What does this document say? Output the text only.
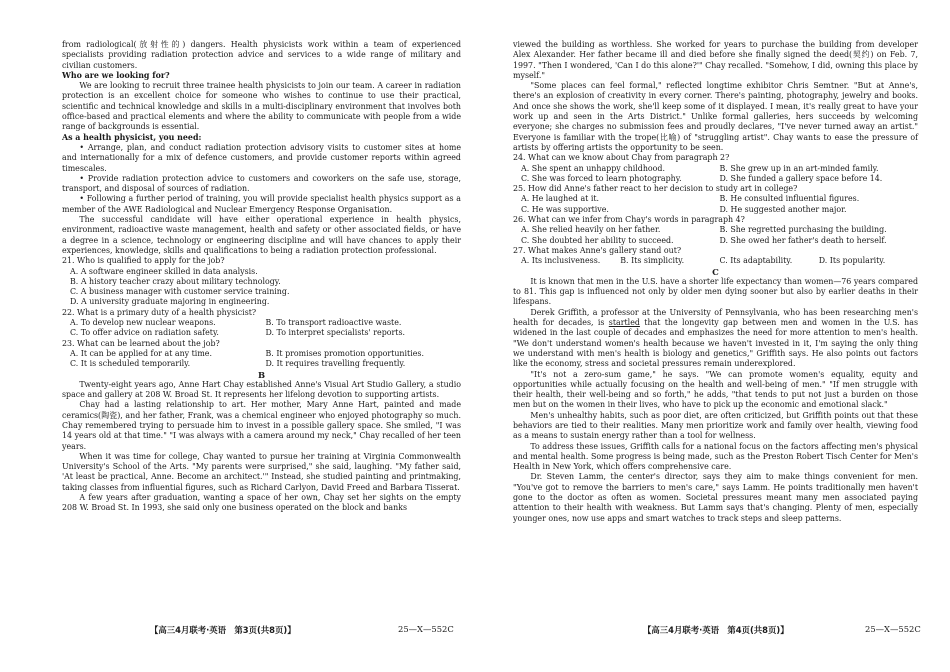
from radiological(放射性的) dangers. Health physicists work within a team of experienced specialists providing radiation protection advice and services to a wide range of military and civilian customers.

Who are we looking for?

We are looking to recruit three trainee health physicists to join our team. A career in radiation protection is an excellent choice for someone who wishes to continue to use their practical, scientific and technical knowledge and skills in a multi-disciplinary environment that involves both office-based and practical elements and where the ability to communicate with people from a wide range of backgrounds is essential.

As a health physicist, you need:

• Arrange, plan, and conduct radiation protection advisory visits to customer sites at home and internationally for a mix of defence customers, and provide customer reports within agreed timescales.

• Provide radiation protection advice to customers and coworkers on the safe use, storage, transport, and disposal of sources of radiation.

• Following a further period of training, you will provide specialist health physics support as a member of the AWE Radiological and Nuclear Emergency Response Organisation.

The successful candidate will have either operational experience in health physics, environment, radioactive waste management, health and safety or other associated fields, or have a degree in a science, technology or engineering discipline and will have chances to apply their experiences, knowledge, skills and qualifications to being a radiation protection professional.

21. Who is qualified to apply for the job?

A. A software engineer skilled in data analysis.

B. A history teacher crazy about military technology.

C. A business manager with customer service training.

D. A university graduate majoring in engineering.

22. What is a primary duty of a health physicist?

A. To develop new nuclear weapons.	B. To transport radioactive waste.
C. To offer advice on radiation safety.	D. To interpret specialists' reports.

23. What can be learned about the job?

A. It can be applied for at any time.	B. It promises promotion opportunities.
C. It is scheduled temporarily.	D. It requires travelling frequently.

B

Twenty-eight years ago, Anne Hart Chay established Anne's Visual Art Studio Gallery, a studio space and gallery at 208 W. Broad St. It represents her lifelong devotion to supporting artists.

Chay had a lasting relationship to art. Her mother, Mary Anne Hart, painted and made ceramics(陶瓷), and her father, Frank, was a chemical engineer who enjoyed photography so much. Chay remembered trying to persuade him to invest in a possible gallery space. She smiled, "I was 14 years old at that time." "I was always with a camera around my neck," Chay recalled of her teen years.

When it was time for college, Chay wanted to pursue her training at Virginia Commonwealth University's School of the Arts. "My parents were surprised," she said, laughing. "My father said, 'At least be practical, Anne. Become an architect.'" Instead, she studied painting and printmaking, taking classes from influential figures, such as Richard Carlyon, David Freed and Barbara Tisserat.

A few years after graduation, wanting a space of her own, Chay set her sights on the empty 208 W. Broad St. In 1993, she said only one business operated on the block and banks

【高三4月联考·英语　第3页(共8页)】	25—X—552C

viewed the building as worthless. She worked for years to purchase the building from developer Alex Alexander. Her father became ill and died before she finally signed the deed(契约) on Feb. 7, 1997. "Then I wondered, 'Can I do this alone?'" Chay recalled. "Somehow, I did, owning this place by myself."

"Some places can feel formal," reflected longtime exhibitor Chris Semtner. "But at Anne's, there's an explosion of creativity in every corner. There's painting, photography, jewelry and books. And once she shows the work, she'll keep some of it displayed. I mean, it's really great to have your work up and seen in the Arts District." Unlike formal galleries, hers succeeds by welcoming everyone; she charges no submission fees and proudly declares, "I've never turned away an artist." Everyone is familiar with the trope(比喻) of "struggling artist". Chay wants to ease the pressure of artists by offering artists the opportunity to be seen.

24. What can we know about Chay from paragraph 2?

A. She spent an unhappy childhood.	B. She grew up in an art-minded family.
C. She was forced to learn photography.	D. She funded a gallery space before 14.

25. How did Anne's father react to her decision to study art in college?

A. He laughed at it.	B. He consulted influential figures.
C. He was supportive.	D. He suggested another major.

26. What can we infer from Chay's words in paragraph 4?

A. She relied heavily on her father.	B. She regretted purchasing the building.
C. She doubted her ability to succeed.	D. She owed her father's death to herself.

27. What makes Anne's gallery stand out?

A. Its inclusiveness.	B. Its simplicity.	C. Its adaptability.	D. Its popularity.

C

It is known that men in the U.S. have a shorter life expectancy than women—76 years compared to 81. This gap is influenced not only by older men dying sooner but also by earlier deaths in their lifespans.

Derek Griffith, a professor at the University of Pennsylvania, who has been researching men's health for decades, is startled that the longevity gap between men and women in the U.S. has widened in the last couple of decades and emphasizes the need for more attention to men's health. "We don't understand women's health because we haven't invested in it, I'm saying the only thing we understand with men's health is biology and genetics," Griffith says. He also points out factors like the economy, stress and societal pressures remain underexplored.

"It's not a zero-sum game," he says. "We can promote women's equality, equity and opportunities while actually focusing on the health and well-being of men." "If men struggle with their health, their well-being and so forth," he adds, "that tends to put not just a burden on those men but on the women in their lives, who have to pick up the economic and emotional slack."

Men's unhealthy habits, such as poor diet, are often criticized, but Griffith points out that these behaviors are tied to their realities. Many men prioritize work and family over health, viewing food as a means to sustain energy rather than a tool for wellness.

To address these issues, Griffith calls for a national focus on the factors affecting men's physical and mental health. Some progress is being made, such as the Preston Robert Tisch Center for Men's Health in New York, which offers comprehensive care.

Dr. Steven Lamm, the center's director, says they aim to make things convenient for men. "You've got to remove the barriers to men's care," says Lamm. He points traditionally men haven't gone to the doctor as often as women. Societal pressures meant many men associated paying attention to their health with weakness. But Lamm says that's changing. Plenty of men, especially younger ones, now use apps and smart watches to track steps and sleep patterns.

【高三4月联考·英语　第4页(共8页)】	25—X—552C
